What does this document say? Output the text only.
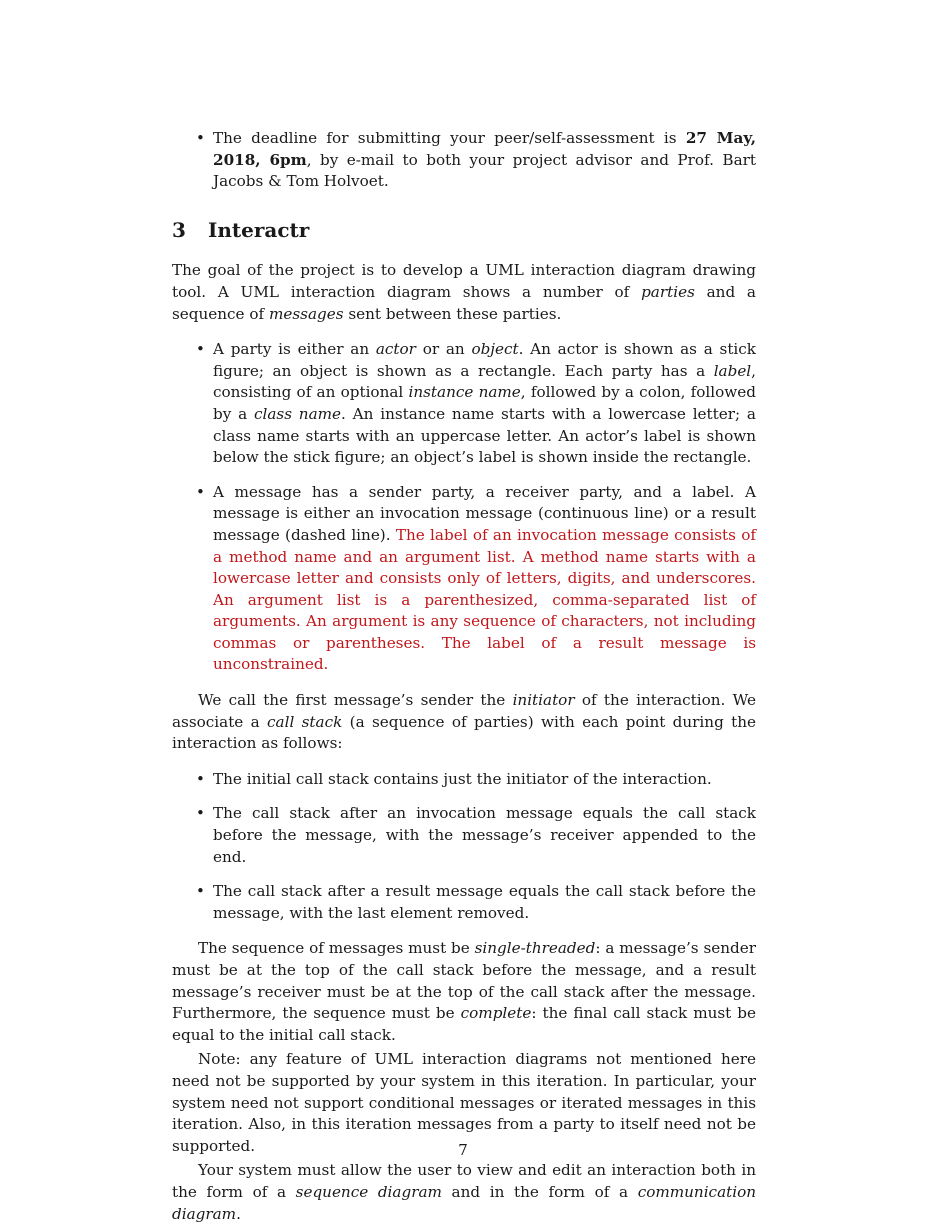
• The deadline for submitting your peer/self-assessment is 27 May, 2018, 6pm, by e-mail to both your project advisor and Prof. Bart Jacobs & Tom Holvoet.
3 Interactr

The goal of the project is to develop a UML interaction diagram drawing tool. A UML interaction diagram shows a number of parties and a sequence of messages sent between these parties.

• A party is either an actor or an object. An actor is shown as a stick figure; an object is shown as a rectangle. Each party has a label, consisting of an optional instance name, followed by a colon, followed by a class name. An instance name starts with a lowercase letter; a class name starts with an uppercase letter. An actor’s label is shown below the stick figure; an object’s label is shown inside the rectangle.
• A message has a sender party, a receiver party, and a label. A message is either an invocation message (continuous line) or a result message (dashed line). The label of an invocation message consists of a method name and an argument list. A method name starts with a lowercase letter and consists only of letters, digits, and underscores. An argument list is a parenthesized, comma-separated list of arguments. An argument is any sequence of characters, not including commas or parentheses. The label of a result message is unconstrained.

We call the first message’s sender the initiator of the interaction. We associate a call stack (a sequence of parties) with each point during the interaction as follows:

• The initial call stack contains just the initiator of the interaction.
• The call stack after an invocation message equals the call stack before the message, with the message’s receiver appended to the end.
• The call stack after a result message equals the call stack before the message, with the last element removed.

The sequence of messages must be single-threaded: a message’s sender must be at the top of the call stack before the message, and a result message’s receiver must be at the top of the call stack after the message. Furthermore, the sequence must be complete: the final call stack must be equal to the initial call stack.

Note: any feature of UML interaction diagrams not mentioned here need not be supported by your system in this iteration. In particular, your system need not support conditional messages or iterated messages in this iteration. Also, in this iteration messages from a party to itself need not be supported.

Your system must allow the user to view and edit an interaction both in the form of a sequence diagram and in the form of a communication diagram.

7
